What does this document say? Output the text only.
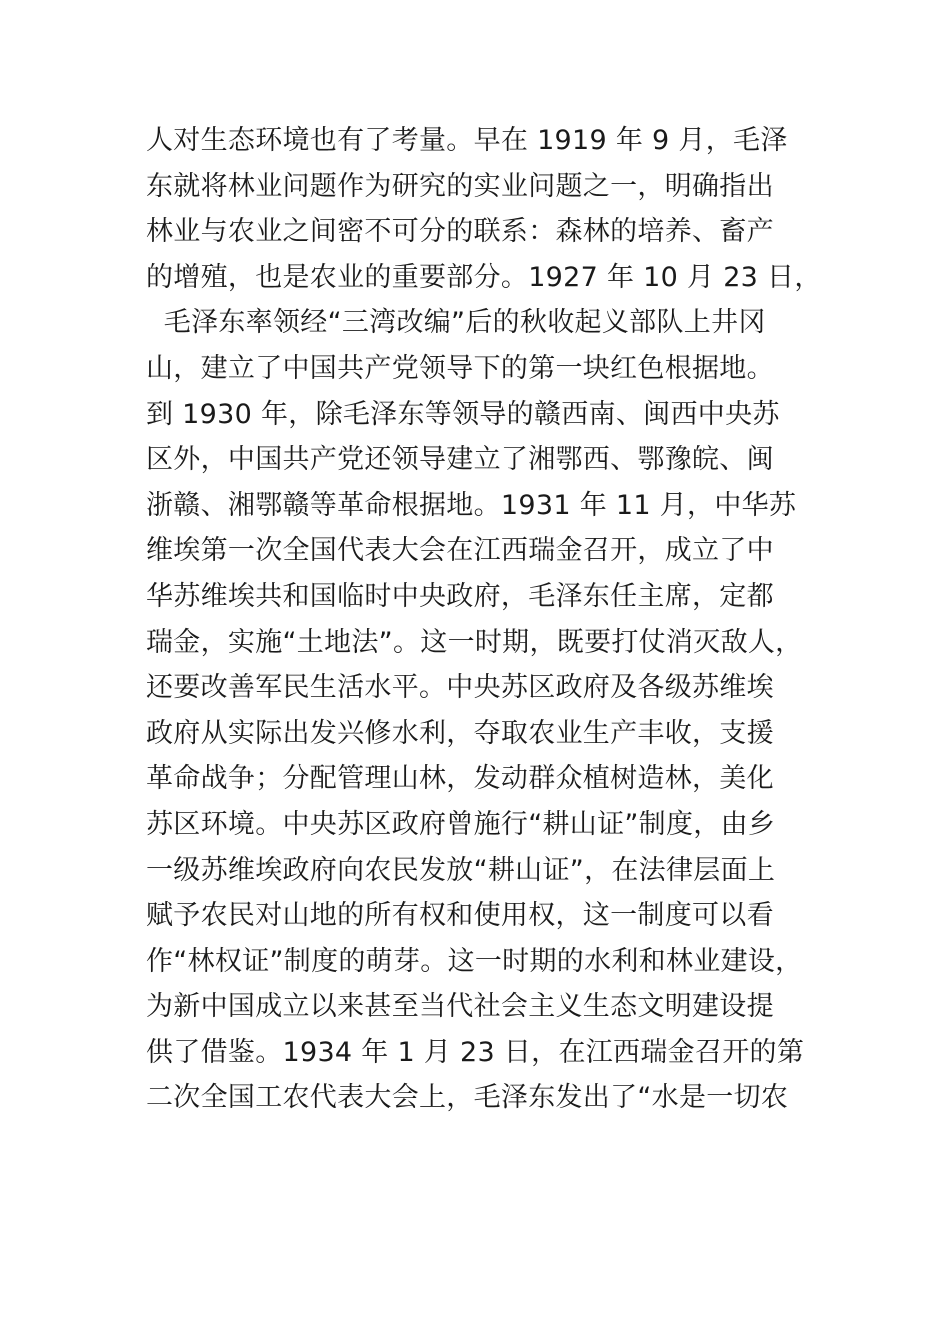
人对生态环境也有了考量。早在 1919 年 9 月，毛泽
东就将林业问题作为研究的实业问题之一，明确指出
林业与农业之间密不可分的联系：森林的培养、畜产
的增殖，也是农业的重要部分。1927 年 10 月 23 日，
毛泽东率领经“三湾改编”后的秋收起义部队上井冈
山，建立了中国共产党领导下的第一块红色根据地。
到 1930 年，除毛泽东等领导的赣西南、闽西中央苏
区外，中国共产党还领导建立了湘鄂西、鄂豫皖、闽
浙赣、湘鄂赣等革命根据地。1931 年 11 月，中华苏
维埃第一次全国代表大会在江西瑞金召开，成立了中
华苏维埃共和国临时中央政府，毛泽东任主席，定都
瑞金，实施“土地法”。这一时期，既要打仗消灭敌人，
还要改善军民生活水平。中央苏区政府及各级苏维埃
政府从实际出发兴修水利，夺取农业生产丰收，支援
革命战争；分配管理山林，发动群众植树造林，美化
苏区环境。中央苏区政府曾施行“耕山证”制度，由乡
一级苏维埃政府向农民发放“耕山证”，在法律层面上
赋予农民对山地的所有权和使用权，这一制度可以看
作“林权证”制度的萌芽。这一时期的水利和林业建设，
为新中国成立以来甚至当代社会主义生态文明建设提
供了借鉴。1934 年 1 月 23 日，在江西瑞金召开的第
二次全国工农代表大会上，毛泽东发出了“水是一切农
